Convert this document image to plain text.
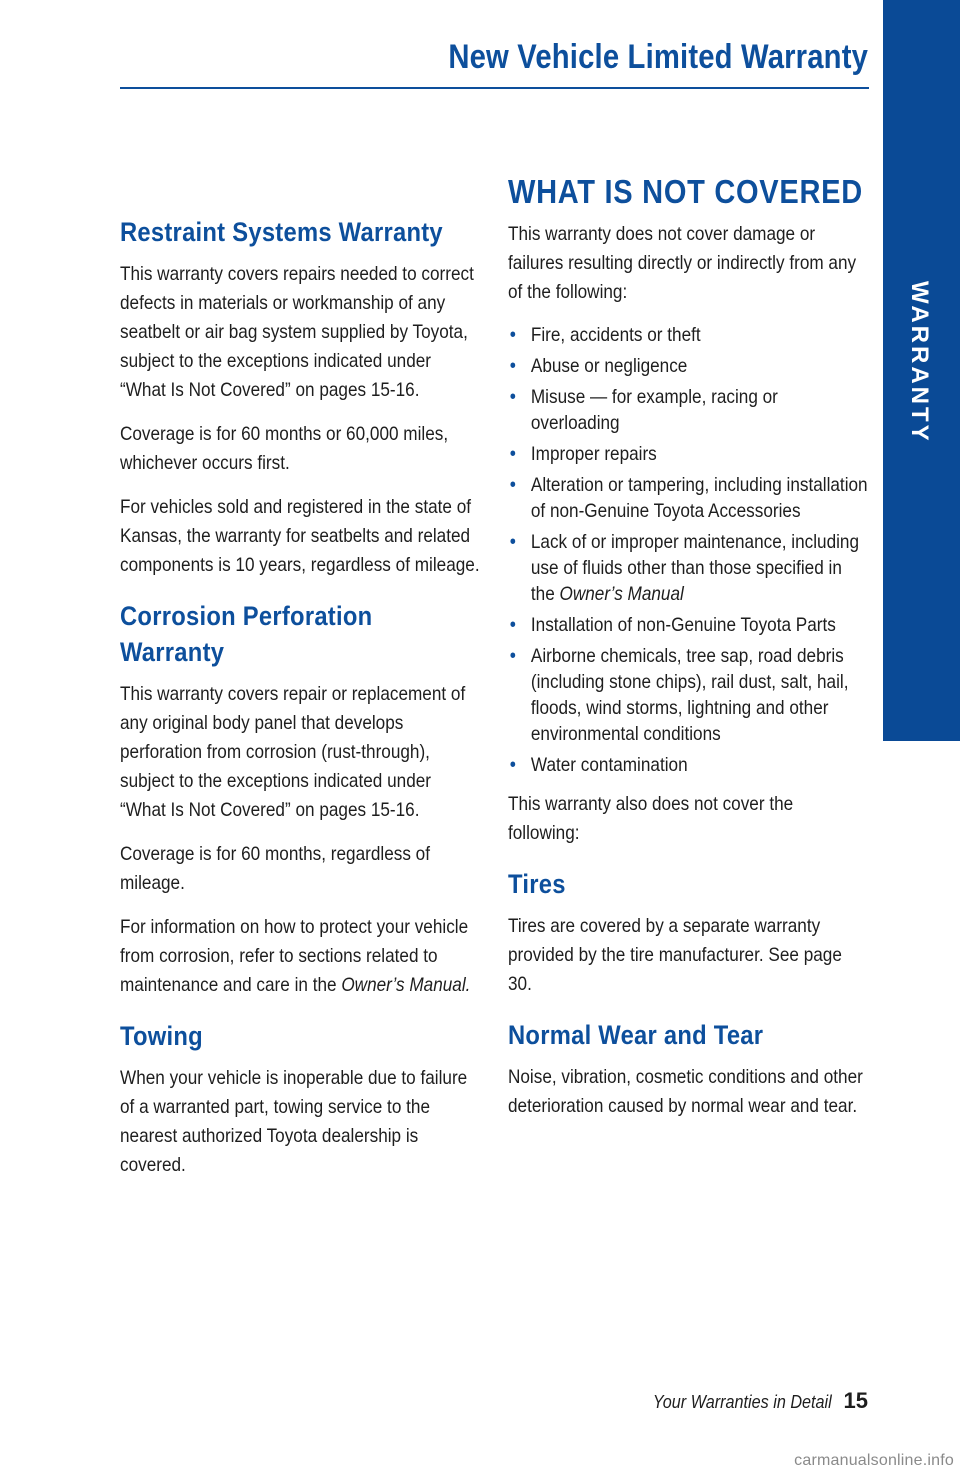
New Vehicle Limited Warranty
WARRANTY
Restraint Systems Warranty

This warranty covers repairs needed to correct defects in materials or workmanship of any seatbelt or air bag system supplied by Toyota, subject to the exceptions indicated under “What Is Not Covered” on pages 15-16.

Coverage is for 60 months or 60,000 miles, whichever occurs first.

For vehicles sold and registered in the state of Kansas, the warranty for seatbelts and related components is 10 years, regardless of mileage.

Corrosion Perforation Warranty

This warranty covers repair or replacement of any original body panel that develops perforation from corrosion (rust-through), subject to the exceptions indicated under “What Is Not Covered” on pages 15-16.

Coverage is for 60 months, regardless of mileage.

For information on how to protect your vehicle from corrosion, refer to sections related to maintenance and care in the Owner’s Manual.

Towing

When your vehicle is inoperable due to failure of a warranted part, towing service to the nearest authorized Toyota dealership is covered.

WHAT IS NOT COVERED

This warranty does not cover damage or failures resulting directly or indirectly from any of the following:

• Fire, accidents or theft
• Abuse or negligence
• Misuse — for example, racing or overloading
• Improper repairs
• Alteration or tampering, including installation of non-Genuine Toyota Accessories
• Lack of or improper maintenance, including use of fluids other than those specified in the Owner’s Manual
• Installation of non-Genuine Toyota Parts
• Airborne chemicals, tree sap, road debris (including stone chips), rail dust, salt, hail, floods, wind storms, lightning and other environmental conditions
• Water contamination

This warranty also does not cover the following:

Tires

Tires are covered by a separate warranty provided by the tire manufacturer. See page 30.

Normal Wear and Tear

Noise, vibration, cosmetic conditions and other deterioration caused by normal wear and tear.

Your Warranties in Detail 15
carmanualsonline.info
